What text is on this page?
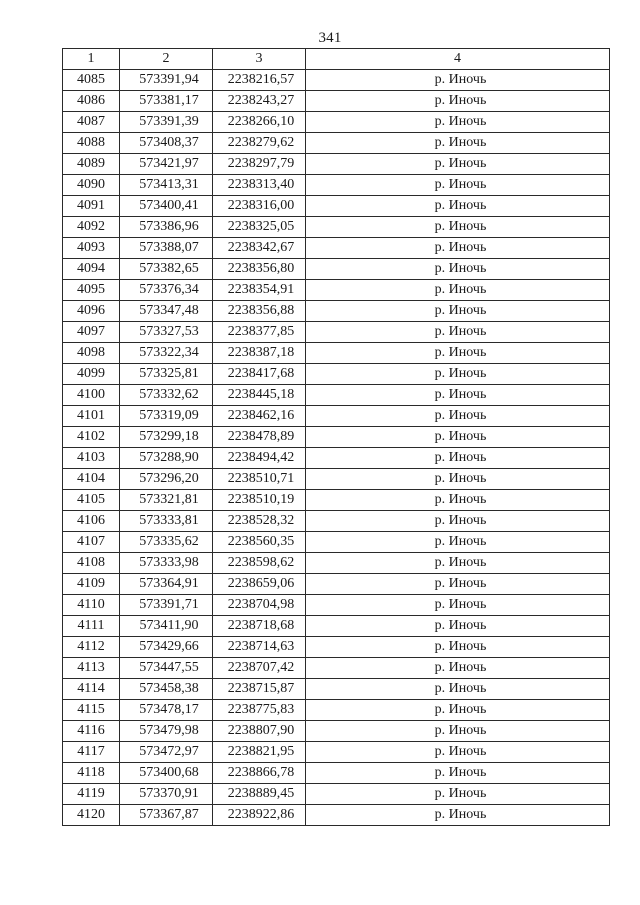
341
1	2	3	4
4085	573391,94	2238216,57	р. Иночь
4086	573381,17	2238243,27	р. Иночь
4087	573391,39	2238266,10	р. Иночь
4088	573408,37	2238279,62	р. Иночь
4089	573421,97	2238297,79	р. Иночь
4090	573413,31	2238313,40	р. Иночь
4091	573400,41	2238316,00	р. Иночь
4092	573386,96	2238325,05	р. Иночь
4093	573388,07	2238342,67	р. Иночь
4094	573382,65	2238356,80	р. Иночь
4095	573376,34	2238354,91	р. Иночь
4096	573347,48	2238356,88	р. Иночь
4097	573327,53	2238377,85	р. Иночь
4098	573322,34	2238387,18	р. Иночь
4099	573325,81	2238417,68	р. Иночь
4100	573332,62	2238445,18	р. Иночь
4101	573319,09	2238462,16	р. Иночь
4102	573299,18	2238478,89	р. Иночь
4103	573288,90	2238494,42	р. Иночь
4104	573296,20	2238510,71	р. Иночь
4105	573321,81	2238510,19	р. Иночь
4106	573333,81	2238528,32	р. Иночь
4107	573335,62	2238560,35	р. Иночь
4108	573333,98	2238598,62	р. Иночь
4109	573364,91	2238659,06	р. Иночь
4110	573391,71	2238704,98	р. Иночь
4111	573411,90	2238718,68	р. Иночь
4112	573429,66	2238714,63	р. Иночь
4113	573447,55	2238707,42	р. Иночь
4114	573458,38	2238715,87	р. Иночь
4115	573478,17	2238775,83	р. Иночь
4116	573479,98	2238807,90	р. Иночь
4117	573472,97	2238821,95	р. Иночь
4118	573400,68	2238866,78	р. Иночь
4119	573370,91	2238889,45	р. Иночь
4120	573367,87	2238922,86	р. Иночь
